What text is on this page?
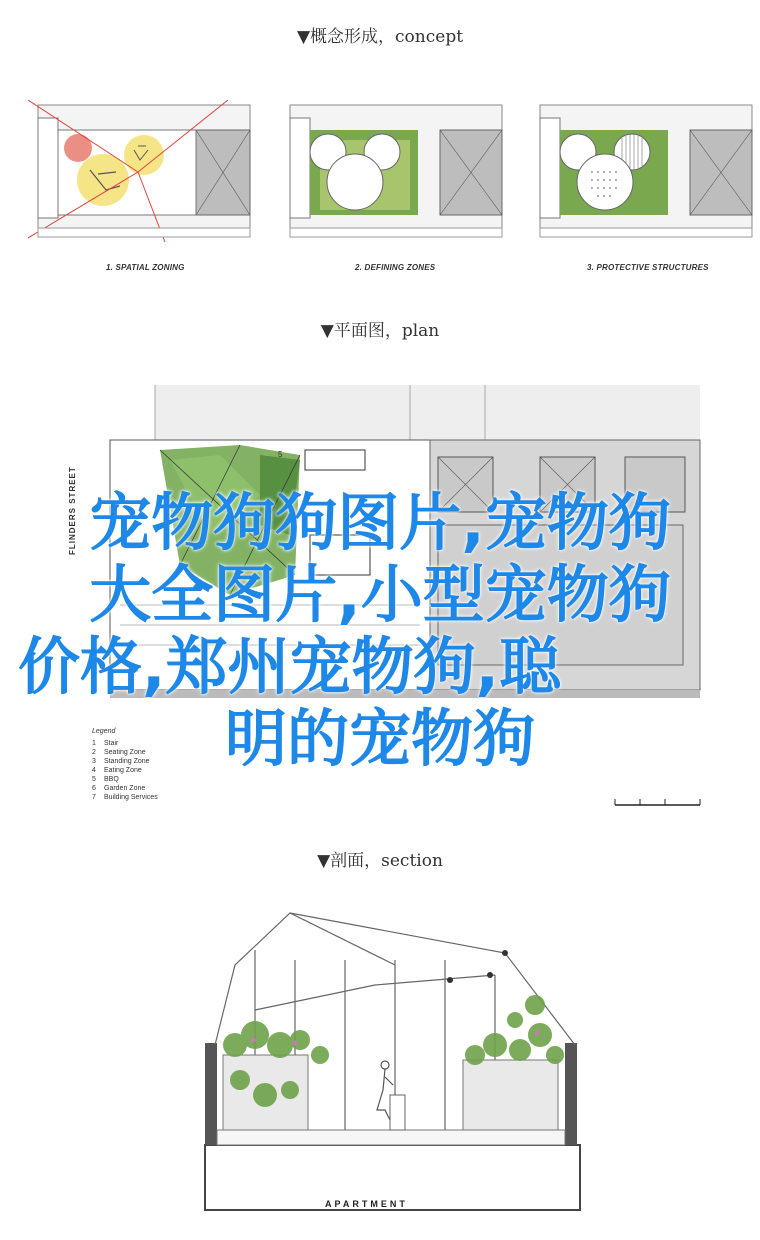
▼概念形成，concept
1. SPATIAL ZONING	2. DEFINING ZONES	3. PROTECTIVE STRUCTURES
▼平面图，plan
5
FLINDERS STREET
Legend
1 Stair
2 Seating Zone
3 Standing Zone
4 Eating Zone
5 BBQ
6 Garden Zone
7 Building Services
宠物狗狗图片,宠物狗
大全图片,小型宠物狗
价格,郑州宠物狗,聪
明的宠物狗
▼剖面，section
APARTMENT
